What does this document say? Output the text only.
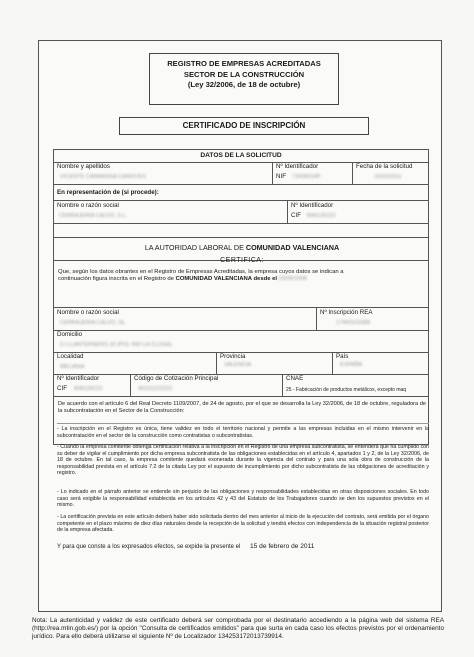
REGISTRO DE EMPRESAS ACREDITADAS
SECTOR DE LA CONSTRUCCIÓN
(Ley 32/2006, de 18 de octubre)
CERTIFICADO DE INSCRIPCIÓN
DATOS DE LA SOLICITUD
Nombre y apellidos
VICENTE CAMARASA CANOVES
Nº Identificador
NIF 73408154P
Fecha de la solicitud
15/02/2011
En representación de (si procede):
Nombre o razón social
CERRAJERIA CALVO, S.L.
Nº Identificador
CIF B96126222
LA AUTORIDAD LABORAL DE COMUNIDAD VALENCIANA
CERTIFICA:
Que, según los datos obrantes en el Registro de Empresas Acreditadas, la empresa cuyos datos se indican a
continuación figura inscrita en el Registro de COMUNIDAD VALENCIANA desde el 23/09/2008
Nombre o razón social
CERRAJERIA CALVO, SL
Nº Inscripción REA
17460103388
Domicilio
C/ LLANTERNERS 20 (POL IND LA CLOSA)
Localidad
MELIANA
Provincia
VALENCIA
País
ESPAÑA
Nº Identificador
CIF B96126222
Código de Cotización Principal
46101222222
CNAE
25 - Fabricación de productos metálicos, excepto maq
De acuerdo con el artículo 6 del Real Decreto 1109/2007, de 24 de agosto, por el que se desarrolla la Ley 32/2006, de 18 de octubre, reguladora de la subcontratación en el Sector de la Construcción:
- La inscripción en el Registro es única, tiene validez en todo el territorio nacional y permite a las empresas incluidas en el mismo intervenir en la subcontratación en el sector de la construcción como contratistas o subcontratistas.
- Cuando la empresa comitente obtenga certificación relativa a la inscripción en el Registro de una empresa subcontratista, se entenderá que ha cumplido con su deber de vigilar el cumplimiento por dicha empresa subcontratista de las obligaciones establecidas en el artículo 4, apartados 1 y 2, de la Ley 32/2006, de 18 de octubre. En tal caso, la empresa comitente quedará exonerada durante la vigencia del contrato y para una sola obra de construcción de la responsabilidad prevista en el artículo 7.2 de la citada Ley por el supuesto de incumplimiento por dicho subcontratista de las obligaciones de acreditación y registro.
- Lo indicado en el párrafo anterior se entiende sin perjuicio de las obligaciones y responsabilidades establecidas en otras disposiciones sociales. En todo caso será exigible la responsabilidad establecida en los artículos 42 y 43 del Estatuto de los Trabajadores cuando se den los supuestos previstos en el mismo.
- La certificación prevista en este artículo deberá haber sido solicitada dentro del mes anterior al inicio de la ejecución del contrato, será emitida por el órgano competente en el plazo máximo de diez días naturales desde la recepción de la solicitud y tendrá efectos con independencia de la situación registral posterior de la empresa afectada.
Y para que conste a los expresados efectos, se expide la presente el 15 de febrero de 2011
Nota: La autenticidad y validez de este certificado deberá ser comprobada por el destinatario accediendo a la página web del sistema REA (http://rea.mtin.gob.es/) por la opción "Consulta de certificados emitidos" para que surta en cada caso los efectos previstos por el ordenamiento jurídico. Para ello deberá utilizarse el siguiente Nº de Localizador 134253172013739914.
